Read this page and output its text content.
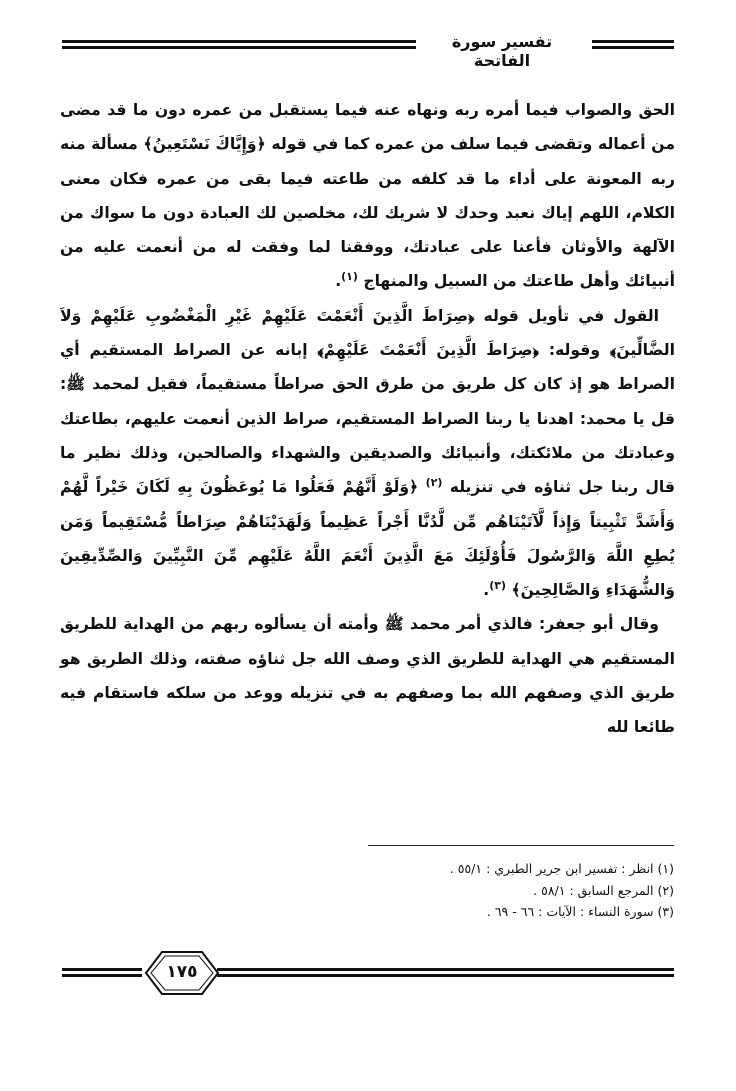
تفسير سورة الفاتحة

الحق والصواب فيما أمره ربه ونهاه عنه فيما يستقبل من عمره دون ما قد مضى من أعماله وتقضى فيما سلف من عمره كما في قوله ﴿وَإِيَّاكَ نَسْتَعِينُ﴾ مسألة منه ربه المعونة على أداء ما قد كلفه من طاعته فيما بقى من عمره فكان معنى الكلام، اللهم إياك نعبد وحدك لا شريك لك، مخلصين لك العبادة دون ما سواك من الآلهة والأوثان فأعنا على عبادتك، ووفقنا لما وفقت له من أنعمت عليه من أنبيائك وأهل طاعتك من السبيل والمنهاج $^{(١)}$.

القول في تأويل قوله ﴿صِرَاطَ الَّذِينَ أَنْعَمْتَ عَلَيْهِمْ غَيْرِ الْمَغْضُوبِ عَلَيْهِمْ وَلاَ الضَّالِّينَ﴾ وقوله: ﴿صِرَاطَ الَّذِينَ أَنْعَمْتَ عَلَيْهِمْ﴾ إبانه عن الصراط المستقيم أي الصراط هو إذ كان كل طريق من طرق الحق صراطاً مستقيماً، فقيل لمحمد ﷺ: قل يا محمد: اهدنا يا ربنا الصراط المستقيم، صراط الذين أنعمت عليهم، بطاعتك وعبادتك من ملائكتك، وأنبيائك والصديقين والشهداء والصالحين، وذلك نظير ما قال ربنا جل ثناؤه في تنزيله $^{(٢)}$ ﴿وَلَوْ أَنَّهُمْ فَعَلُوا مَا يُوعَظُونَ بِهِ لَكَانَ خَيْراً لَّهُمْ وَأَشَدَّ تَثْبِيتاً وَإِذاً لَّآتَيْنَاهُم مِّن لَّدُنَّا أَجْراً عَظِيماً وَلَهَدَيْنَاهُمْ صِرَاطاً مُّسْتَقِيماً وَمَن يُطِعِ اللَّهَ وَالرَّسُولَ فَأُوْلَئِكَ مَعَ الَّذِينَ أَنْعَمَ اللَّهُ عَلَيْهِم مِّنَ النَّبِيِّينَ وَالصِّدِّيقِينَ وَالشُّهَدَاءِ وَالصَّالِحِينَ﴾ $^{(٣)}$.

وقال أبو جعفر: فالذي أمر محمد ﷺ وأمته أن يسألوه ربهم من الهداية للطريق المستقيم هي الهداية للطريق الذي وصف الله جل ثناؤه صفته، وذلك الطريق هو طريق الذي وصفهم الله بما وصفهم به في تنزيله ووعد من سلكه فاستقام فيه طائعا لله

(١) انظر : تفسير ابن جرير الطبري : ٥٥/١ .
(٢) المرجع السابق : ٥٨/١ .
(٣) سورة النساء : الآيات : ٦٦ - ٦٩ .
١٧٥
